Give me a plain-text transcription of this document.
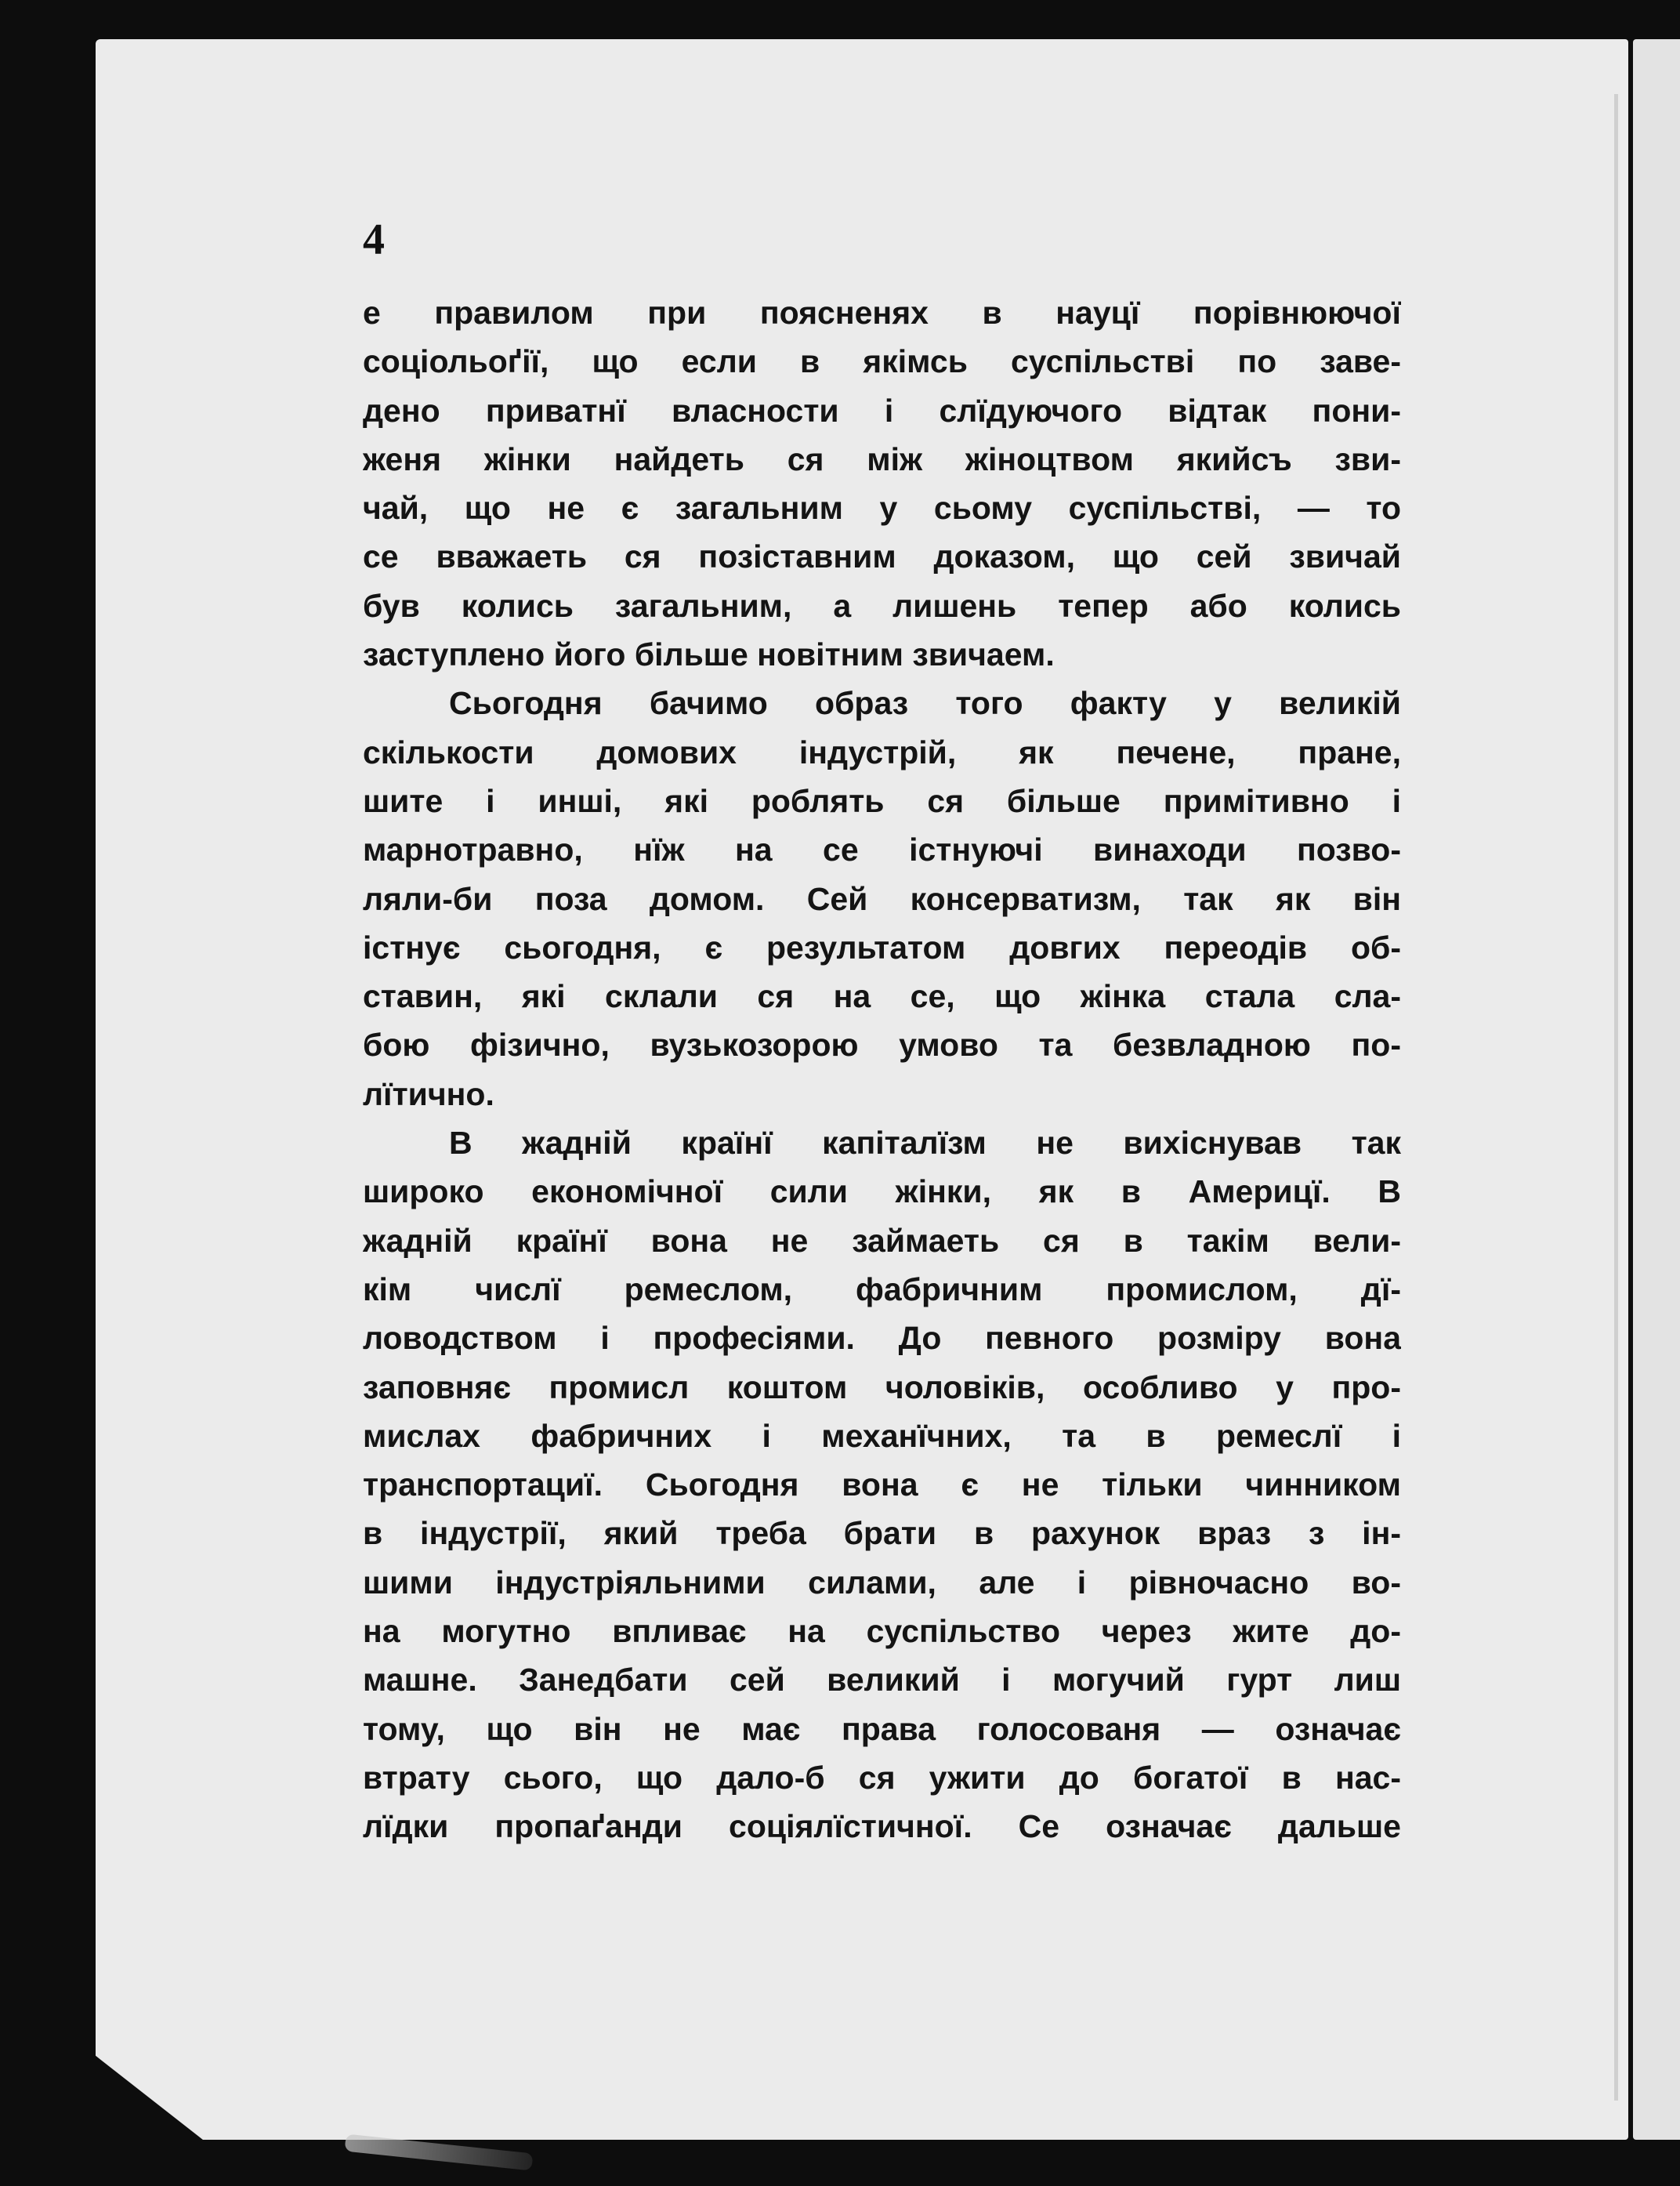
4
е правилом при поясненях в науцї порівнюючої
соціольоґії, що если в якімсь суспільстві по заве-
дено приватнї власности і слїдуючого відтак пони-
женя жінки найдеть ся між жіноцтвом якийсъ зви-
чай, що не є загальним у сьому суспільстві, — то
се вважаеть ся позіставним доказом, що сей звичай
був колись загальним, а лишень тепер або колись
заступлено його більше новітним звичаем.
Сьогодня бачимо образ того факту у великій
скількости домових індустрій, як печене, пране,
шите і инші, які роблять ся більше примітивно і
марнотравно, нїж на се істнуючі винаходи позво-
ляли-би поза домом. Сей консерватизм, так як він
істнує сьогодня, є результатом довгих переодів об-
ставин, які склали ся на се, що жінка стала сла-
бою фізично, вузькозорою умово та безвладною по-
лїтично.
В жадній країнї капіталїзм не вихіснував так
широко економічної сили жінки, як в Америцї. В
жадній країнї вона не займаеть ся в такім вели-
кім числї ремеслом, фабричним промислом, дї-
ловодством і професіями. До певного розміру вона
заповняє промисл коштом чоловіків, особливо у про-
мислах фабричних і механїчних, та в ремеслї і
транспортациї. Сьогодня вона є не тільки чинником
в індустрії, який треба брати в рахунок враз з ін-
шими індустріяльними силами, але і рівночасно во-
на могутно впливає на суспільство через жите до-
машне. Занедбати сей великий і могучий гурт лиш
тому, що він не має права голосованя — означає
втрату сього, що дало-б ся ужити до богатої в нас-
лїдки пропаґанди соціялїстичної. Се означає дальше
